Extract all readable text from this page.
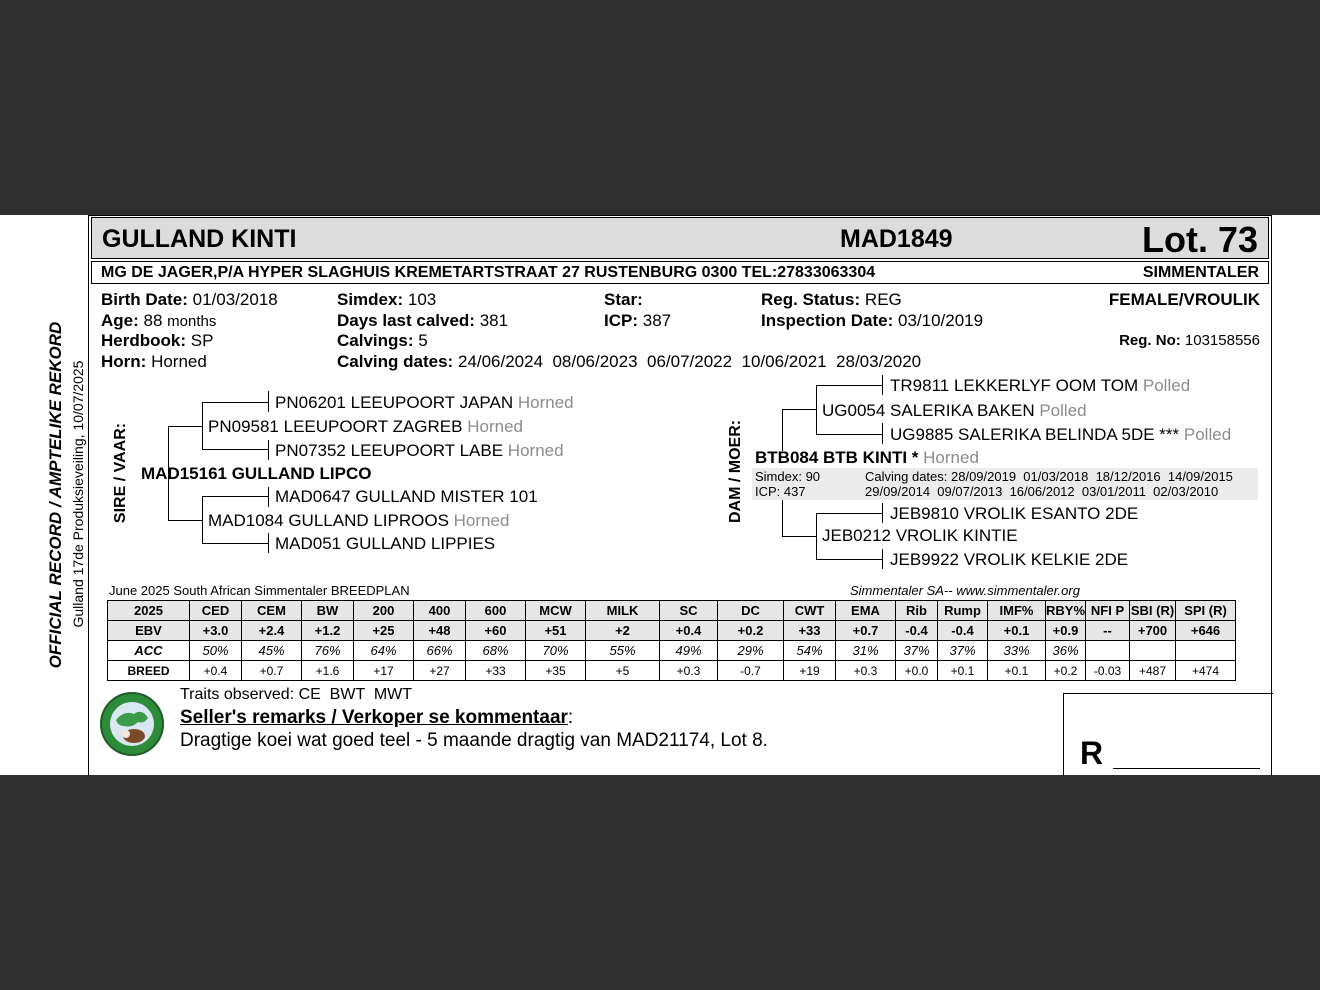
OFFICIAL RECORD / AMPTELIKE REKORD Gulland 17de Produksieveiling, 10/07/2025
GULLAND KINTI	MAD1849	Lot. 73
MG DE JAGER,P/A HYPER SLAGHUIS KREMETARTSTRAAT 27 RUSTENBURG 0300 TEL:27833063304	SIMMENTALER
Birth Date: 01/03/2018
Age: 88 months
Herdbook: SP
Horn: Horned
Simdex: 103
Days last calved: 381
Calvings: 5
Calving dates: 24/06/2024  08/06/2023  06/07/2022  10/06/2021  28/03/2020
Star:
ICP: 387
Reg. Status: REG
Inspection Date: 03/10/2019
FEMALE/VROULIK
Reg. No: 103158556
SIRE / VAAR:
PN06201 LEEUPOORT JAPAN Horned
PN09581 LEEUPOORT ZAGREB Horned
PN07352 LEEUPOORT LABE Horned
MAD15161 GULLAND LIPCO
MAD0647 GULLAND MISTER 101
MAD1084 GULLAND LIPROOS Horned
MAD051 GULLAND LIPPIES
DAM / MOER:
TR9811 LEKKERLYF OOM TOM Polled
UG0054 SALERIKA BAKEN Polled
UG9885 SALERIKA BELINDA 5DE *** Polled
BTB084 BTB KINTI * Horned
Simdex: 90
ICP: 437
Calving dates: 28/09/2019  01/03/2018  18/12/2016  14/09/2015
29/09/2014  09/07/2013  16/06/2012  03/01/2011  02/03/2010
JEB9810 VROLIK ESANTO 2DE
JEB0212 VROLIK KINTIE
JEB9922 VROLIK KELKIE 2DE
June 2025 South African Simmentaler BREEDPLAN	Simmentaler SA-- www.simmentaler.org
2025	CED	CEM	BW	200	400	600	MCW	MILK	SC	DC	CWT	EMA	Rib	Rump	IMF%	RBY%	NFI P	SBI (R)	SPI (R)
EBV	+3.0	+2.4	+1.2	+25	+48	+60	+51	+2	+0.4	+0.2	+33	+0.7	-0.4	-0.4	+0.1	+0.9	--	+700	+646
ACC	50%	45%	76%	64%	66%	68%	70%	55%	49%	29%	54%	31%	37%	37%	33%	36%			
BREED	+0.4	+0.7	+1.6	+17	+27	+33	+35	+5	+0.3	-0.7	+19	+0.3	+0.0	+0.1	+0.1	+0.2	-0.03	+487	+474
Traits observed: CE  BWT  MWT
Seller's remarks / Verkoper se kommentaar:
Dragtige koei wat goed teel - 5 maande dragtig van MAD21174, Lot 8.	R
